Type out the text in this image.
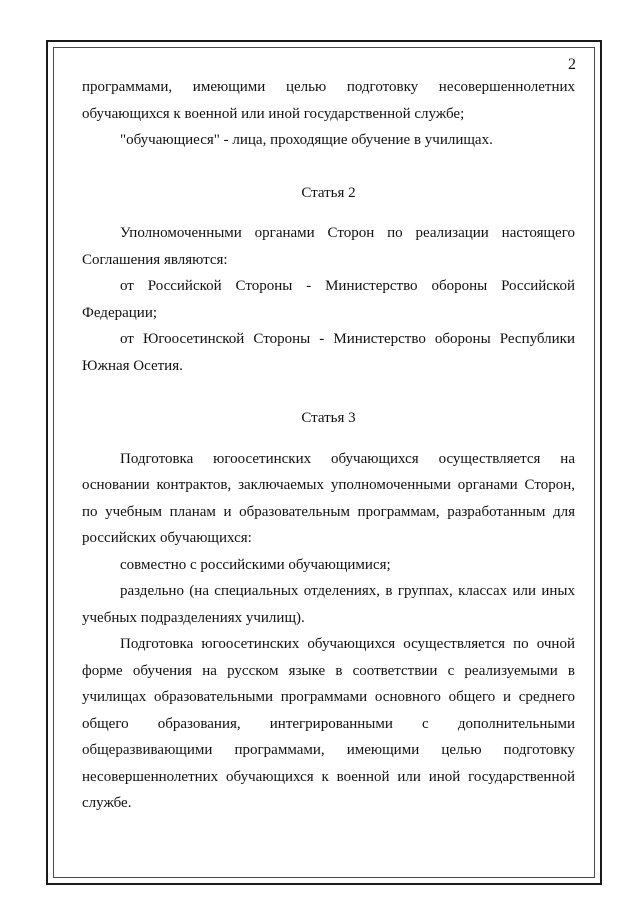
2

программами, имеющими целью подготовку несовершеннолетних обучающихся к военной или иной государственной службе;

"обучающиеся" - лица, проходящие обучение в училищах.

Статья 2

Уполномоченными органами Сторон по реализации настоящего Соглашения являются:

от Российской Стороны - Министерство обороны Российской Федерации;

от Югоосетинской Стороны - Министерство обороны Республики Южная Осетия.

Статья 3

Подготовка югоосетинских обучающихся осуществляется на основании контрактов, заключаемых уполномоченными органами Сторон, по учебным планам и образовательным программам, разработанным для российских обучающихся:

совместно с российскими обучающимися;

раздельно (на специальных отделениях, в группах, классах или иных учебных подразделениях училищ).

Подготовка югоосетинских обучающихся осуществляется по очной форме обучения на русском языке в соответствии с реализуемыми в училищах образовательными программами основного общего и среднего общего образования, интегрированными с дополнительными общеразвивающими программами, имеющими целью подготовку несовершеннолетних обучающихся к военной или иной государственной службе.
